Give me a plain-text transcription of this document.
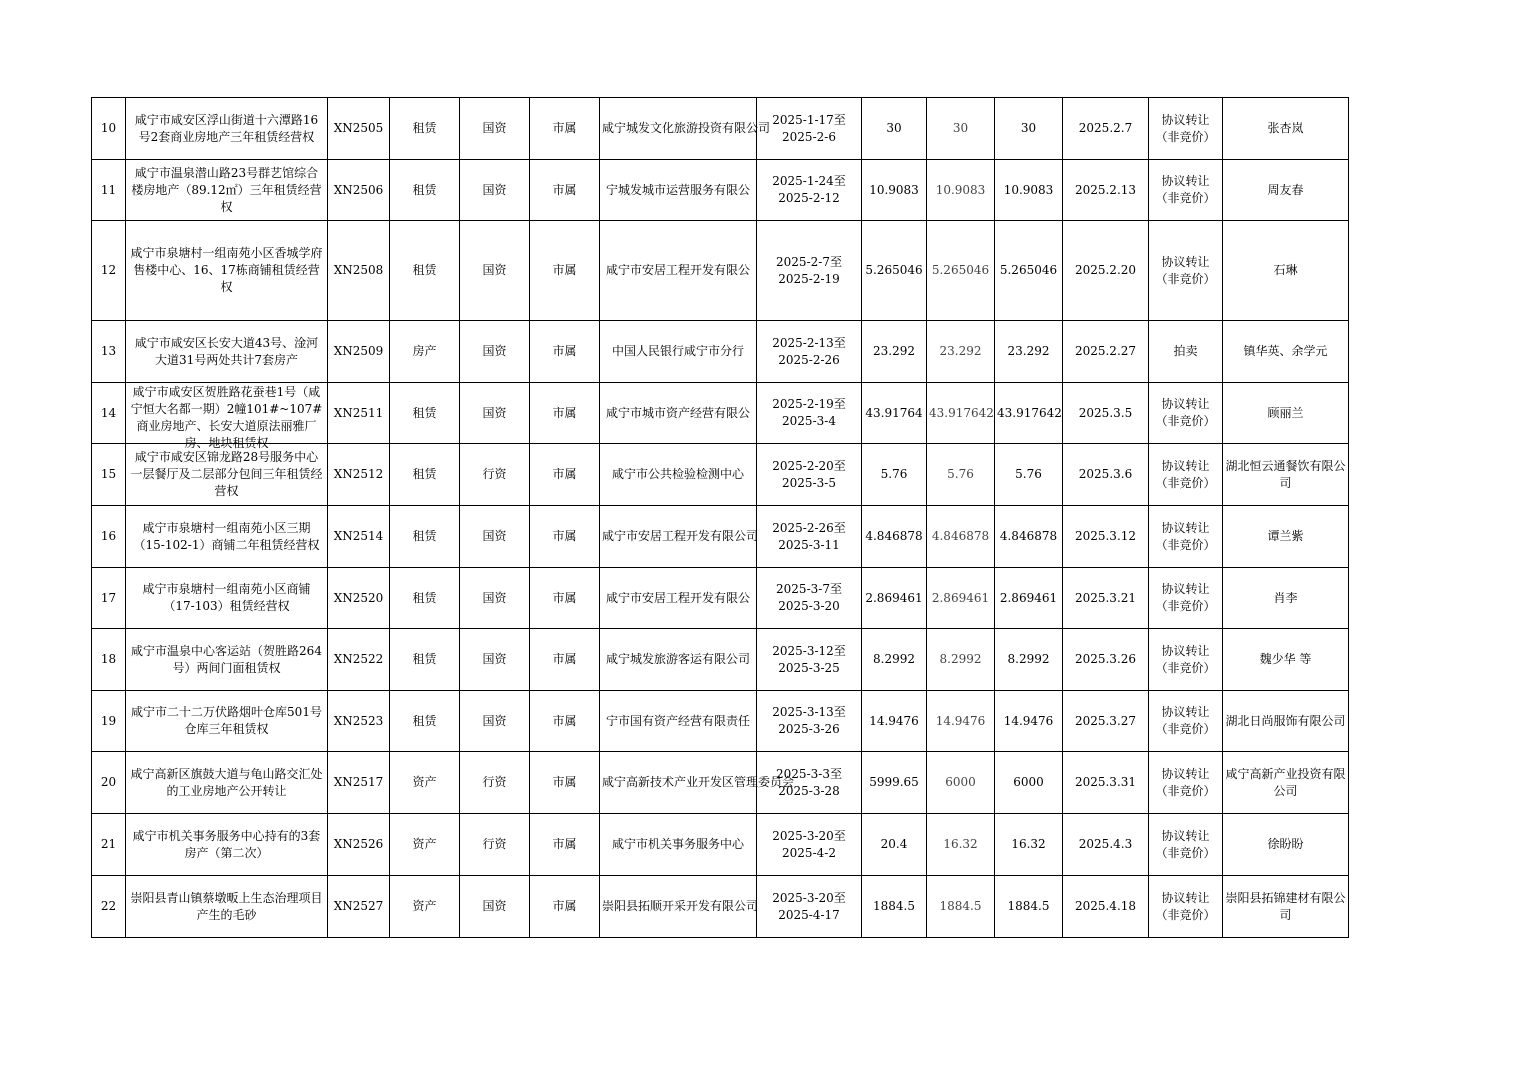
10	咸宁市咸安区浮山街道十六潭路16号2套商业房地产三年租赁经营权	XN2505	租赁	国资	市属	咸宁城发文化旅游投资有限公司	2025-1-17至2025-2-6	30	30	30	2025.2.7	协议转让（非竞价）	张杏岚

11	咸宁市温泉潜山路23号群艺馆综合楼房地产（89.12㎡）三年租赁经营权	XN2506	租赁	国资	市属	宁城发城市运营服务有限公	2025-1-24至2025-2-12	10.9083	10.9083	10.9083	2025.2.13	协议转让（非竞价）	周友春

12	咸宁市泉塘村一组南苑小区香城学府售楼中心、16、17栋商铺租赁经营权	XN2508	租赁	国资	市属	咸宁市安居工程开发有限公	2025-2-7至2025-2-19	5.265046	5.265046	5.265046	2025.2.20	协议转让（非竞价）	石琳

13	咸宁市咸安区长安大道43号、淦河大道31号两处共计7套房产	XN2509	房产	国资	市属	中国人民银行咸宁市分行	2025-2-13至2025-2-26	23.292	23.292	23.292	2025.2.27	拍卖	镇华英、余学元

14	咸宁市咸安区贺胜路花蚕巷1号（咸宁恒大名都一期）2幢101#~107#商业房地产、长安大道原法丽雅厂房、地块租赁权	XN2511	租赁	国资	市属	咸宁市城市资产经营有限公	2025-2-19至2025-3-4	43.91764	43.917642	43.917642	2025.3.5	协议转让（非竞价）	顾丽兰

15	咸宁市咸安区锦龙路28号服务中心一层餐厅及二层部分包间三年租赁经营权	XN2512	租赁	行资	市属	咸宁市公共检验检测中心	2025-2-20至2025-3-5	5.76	5.76	5.76	2025.3.6	协议转让（非竞价）	湖北恒云通餐饮有限公司

16	咸宁市泉塘村一组南苑小区三期（15-102-1）商铺二年租赁经营权	XN2514	租赁	国资	市属	咸宁市安居工程开发有限公司	2025-2-26至2025-3-11	4.846878	4.846878	4.846878	2025.3.12	协议转让（非竞价）	谭兰紫

17	咸宁市泉塘村一组南苑小区商铺（17-103）租赁经营权	XN2520	租赁	国资	市属	咸宁市安居工程开发有限公	2025-3-7至2025-3-20	2.869461	2.869461	2.869461	2025.3.21	协议转让（非竞价）	肖李

18	咸宁市温泉中心客运站（贺胜路264号）两间门面租赁权	XN2522	租赁	国资	市属	咸宁城发旅游客运有限公司	2025-3-12至2025-3-25	8.2992	8.2992	8.2992	2025.3.26	协议转让（非竞价）	魏少华 等

19	咸宁市二十二万伏路烟叶仓库501号仓库三年租赁权	XN2523	租赁	国资	市属	宁市国有资产经营有限责任	2025-3-13至2025-3-26	14.9476	14.9476	14.9476	2025.3.27	协议转让（非竞价）	湖北日尚服饰有限公司

20	咸宁高新区旗鼓大道与龟山路交汇处的工业房地产公开转让	XN2517	资产	行资	市属	咸宁高新技术产业开发区管理委员会	2025-3-3至2025-3-28	5999.65	6000	6000	2025.3.31	协议转让（非竞价）	咸宁高新产业投资有限公司

21	咸宁市机关事务服务中心持有的3套房产（第二次）	XN2526	资产	行资	市属	咸宁市机关事务服务中心	2025-3-20至2025-4-2	20.4	16.32	16.32	2025.4.3	协议转让（非竞价）	徐盼盼

22	崇阳县青山镇蔡墩畈上生态治理项目产生的毛砂	XN2527	资产	国资	市属	崇阳县拓顺开采开发有限公司	2025-3-20至2025-4-17	1884.5	1884.5	1884.5	2025.4.18	协议转让（非竞价）	崇阳县拓锦建材有限公司
